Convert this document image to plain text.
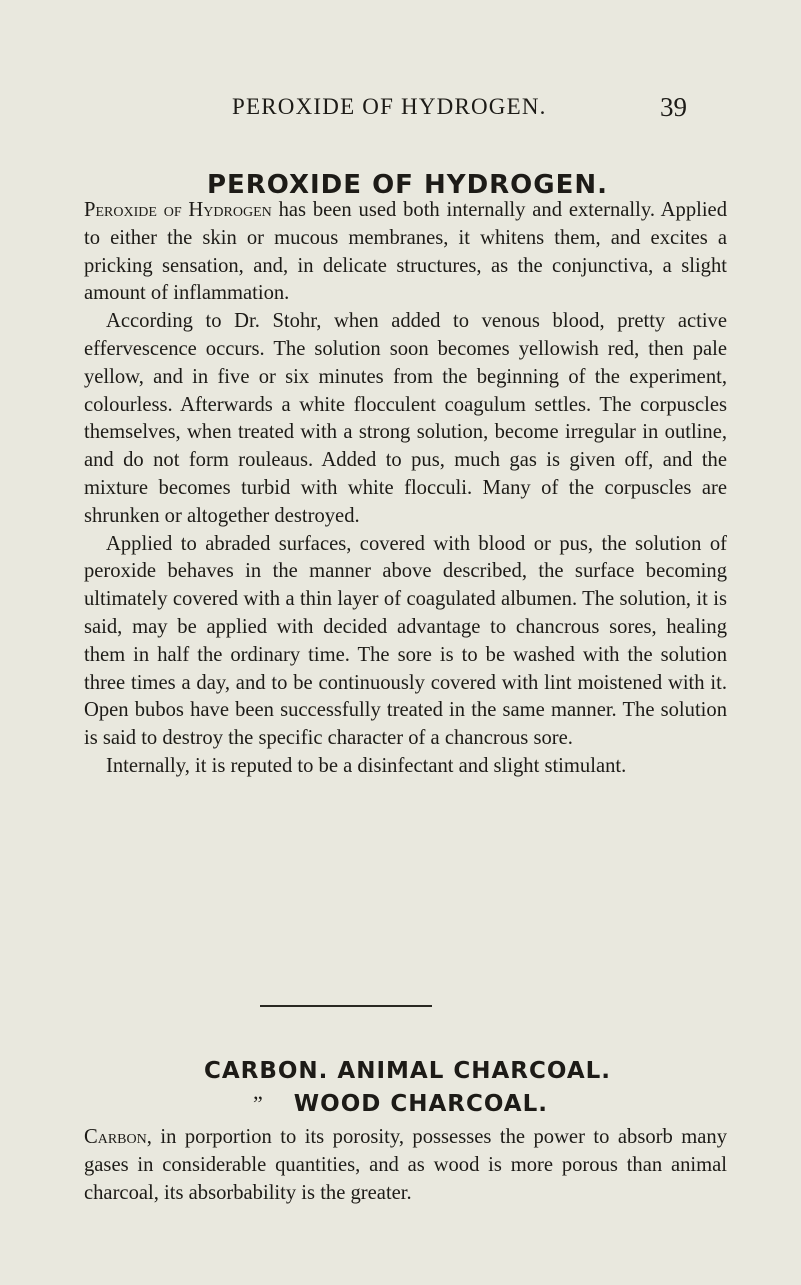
PEROXIDE OF HYDROGEN.	39
PEROXIDE OF HYDROGEN.

Peroxide of Hydrogen has been used both internally and externally. Applied to either the skin or mucous membranes, it whitens them, and excites a pricking sensation, and, in delicate structures, as the conjunctiva, a slight amount of inflammation.

According to Dr. Stohr, when added to venous blood, pretty active effervescence occurs. The solution soon becomes yellowish red, then pale yellow, and in five or six minutes from the beginning of the experiment, colourless. Afterwards a white flocculent coagulum settles. The corpuscles themselves, when treated with a strong solution, become irregular in outline, and do not form rouleaus. Added to pus, much gas is given off, and the mixture becomes turbid with white flocculi. Many of the corpuscles are shrunken or altogether destroyed.

Applied to abraded surfaces, covered with blood or pus, the solution of peroxide behaves in the manner above described, the surface becoming ultimately covered with a thin layer of coagulated albumen. The solution, it is said, may be applied with decided advantage to chancrous sores, healing them in half the ordinary time. The sore is to be washed with the solution three times a day, and to be continuously covered with lint moistened with it. Open bubos have been successfully treated in the same manner. The solution is said to destroy the specific character of a chancrous sore.

Internally, it is reputed to be a disinfectant and slight stimulant.

CARBON. ANIMAL CHARCOAL.
” WOOD CHARCOAL.

Carbon, in porportion to its porosity, possesses the power to absorb many gases in considerable quantities, and as wood is more porous than animal charcoal, its absorbability is the greater.
